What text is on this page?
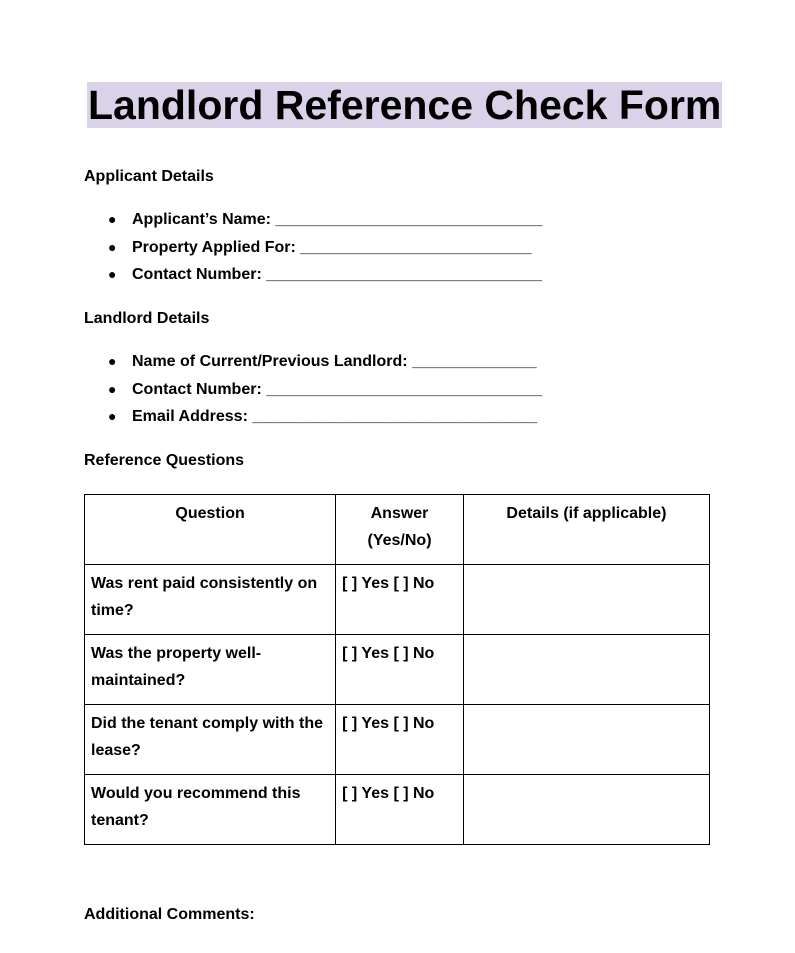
Landlord Reference Check Form
Applicant Details
● Applicant’s Name: ______________________________
● Property Applied For: __________________________
● Contact Number: _______________________________
Landlord Details
● Name of Current/Previous Landlord: ______________
● Contact Number: _______________________________
● Email Address: ________________________________
Reference Questions
Question	Answer (Yes/No)	Details (if applicable)
Was rent paid consistently on time?	[ ] Yes [ ] No	
Was the property well-maintained?	[ ] Yes [ ] No	
Did the tenant comply with the lease?	[ ] Yes [ ] No	
Would you recommend this tenant?	[ ] Yes [ ] No	
Additional Comments:
